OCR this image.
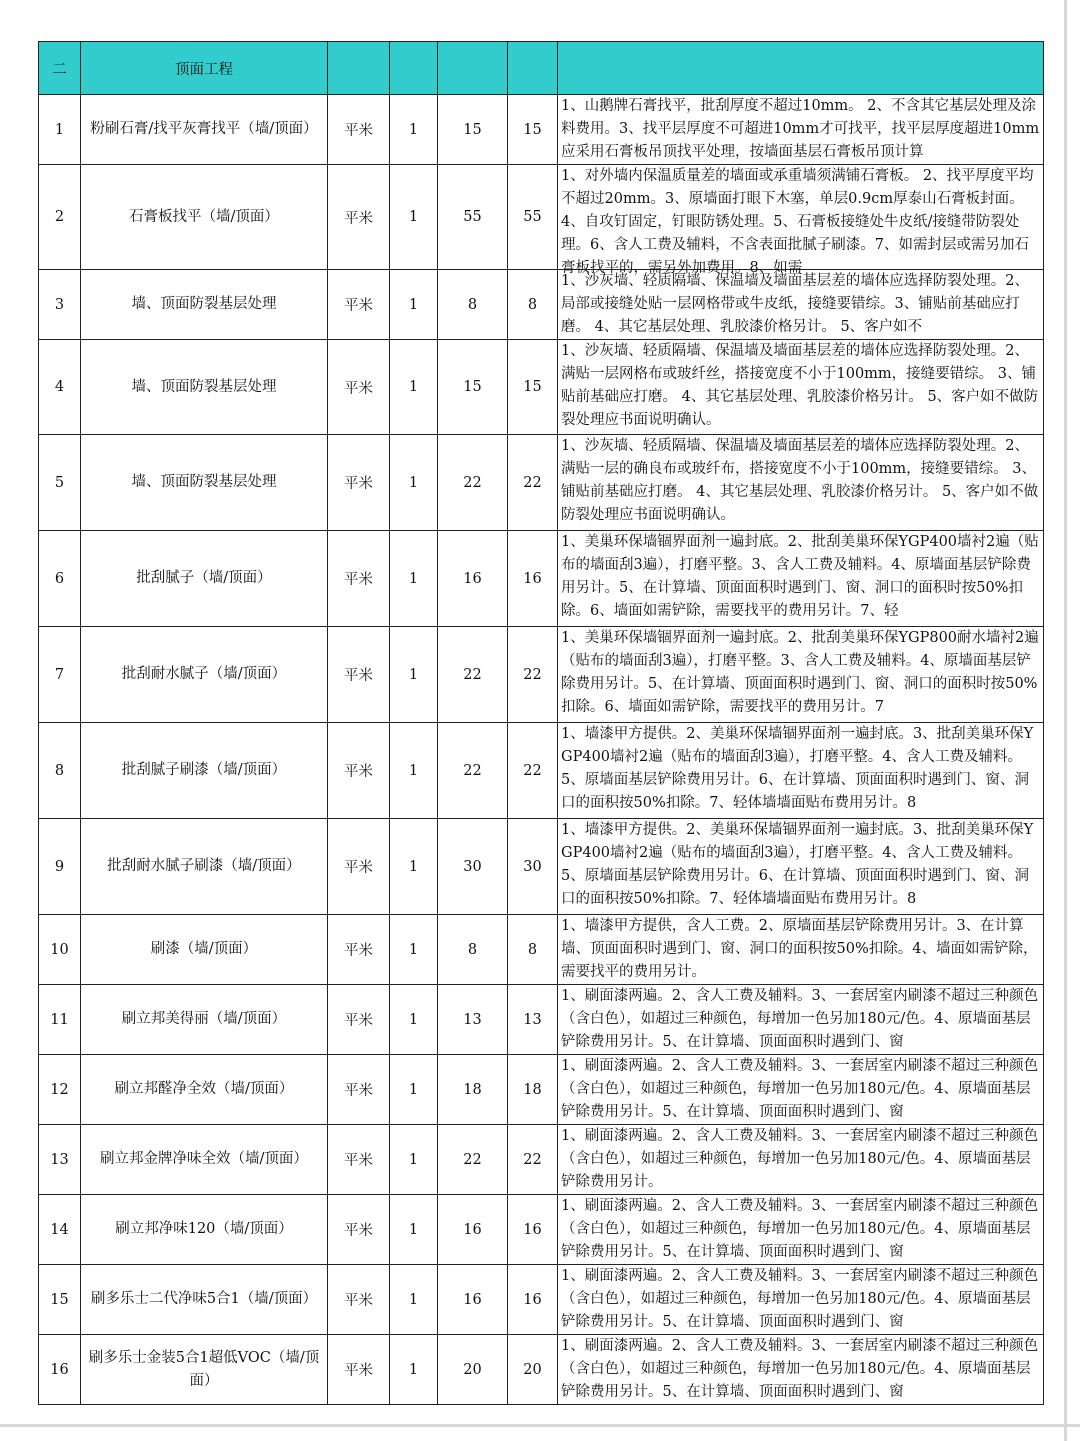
二	顶面工程					
1	粉刷石膏/找平灰膏找平（墙/顶面）	平米	1	15	15	1、山鹅牌石膏找平，批刮厚度不超过10mm。 2、不含其它基层处理及涂料费用。3、找平层厚度不可超进10mm才可找平，找平层厚度超进10mm应采用石膏板吊顶找平处理，按墙面基层石膏板吊顶计算

2	石膏板找平（墙/顶面）	平米	1	55	55	1、对外墙内保温质量差的墙面或承重墙须满铺石膏板。 2、找平厚度平均不超过20mm。3、原墙面打眼下木塞，单层0.9cm厚泰山石膏板封面。4、自攻钉固定，钉眼防锈处理。5、石膏板接缝处牛皮纸/接缝带防裂处理。6、含人工费及辅料，不含表面批腻子刷漆。7、如需封层或需另加石膏板找平的，需另外加费用。8、如需

3	墙、顶面防裂基层处理	平米	1	8	8	1、沙灰墙、轻质隔墙、保温墙及墙面基层差的墙体应选择防裂处理。2、局部或接缝处贴一层网格带或牛皮纸，接缝要错综。3、铺贴前基础应打磨。 4、其它基层处理、乳胶漆价格另计。 5、客户如不

4	墙、顶面防裂基层处理	平米	1	15	15	1、沙灰墙、轻质隔墙、保温墙及墙面基层差的墙体应选择防裂处理。2、满贴一层网格布或玻纤丝，搭接宽度不小于100mm，接缝要错综。 3、铺贴前基础应打磨。 4、其它基层处理、乳胶漆价格另计。 5、客户如不做防裂处理应书面说明确认。

5	墙、顶面防裂基层处理	平米	1	22	22	1、沙灰墙、轻质隔墙、保温墙及墙面基层差的墙体应选择防裂处理。2、满贴一层的确良布或玻纤布，搭接宽度不小于100mm，接缝要错综。 3、铺贴前基础应打磨。 4、其它基层处理、乳胶漆价格另计。 5、客户如不做防裂处理应书面说明确认。

6	批刮腻子（墙/顶面）	平米	1	16	16	1、美巢环保墙锢界面剂一遍封底。2、批刮美巢环保YGP400墙衬2遍（贴布的墙面刮3遍），打磨平整。3、含人工费及辅料。4、原墙面基层铲除费用另计。5、在计算墙、顶面面积时遇到门、窗、洞口的面积时按50%扣除。6、墙面如需铲除，需要找平的费用另计。7、轻

7	批刮耐水腻子（墙/顶面）	平米	1	22	22	1、美巢环保墙锢界面剂一遍封底。2、批刮美巢环保YGP800耐水墙衬2遍（贴布的墙面刮3遍），打磨平整。3、含人工费及辅料。4、原墙面基层铲除费用另计。5、在计算墙、顶面面积时遇到门、窗、洞口的面积时按50%扣除。6、墙面如需铲除，需要找平的费用另计。7

8	批刮腻子刷漆（墙/顶面）	平米	1	22	22	1、墙漆甲方提供。2、美巢环保墙锢界面剂一遍封底。3、批刮美巢环保YGP400墙衬2遍（贴布的墙面刮3遍），打磨平整。4、含人工费及辅料。5、原墙面基层铲除费用另计。6、在计算墙、顶面面积时遇到门、窗、洞口的面积按50%扣除。7、轻体墙墙面贴布费用另计。8

9	批刮耐水腻子刷漆（墙/顶面）	平米	1	30	30	1、墙漆甲方提供。2、美巢环保墙锢界面剂一遍封底。3、批刮美巢环保YGP400墙衬2遍（贴布的墙面刮3遍），打磨平整。4、含人工费及辅料。5、原墙面基层铲除费用另计。6、在计算墙、顶面面积时遇到门、窗、洞口的面积按50%扣除。7、轻体墙墙面贴布费用另计。8

10	刷漆（墙/顶面）	平米	1	8	8	1、墙漆甲方提供，含人工费。2、原墙面基层铲除费用另计。3、在计算墙、顶面面积时遇到门、窗、洞口的面积按50%扣除。4、墙面如需铲除，需要找平的费用另计。

11	刷立邦美得丽（墙/顶面）	平米	1	13	13	1、刷面漆两遍。2、含人工费及辅料。3、一套居室内刷漆不超过三种颜色（含白色），如超过三种颜色，每增加一色另加180元/色。4、原墙面基层铲除费用另计。5、在计算墙、顶面面积时遇到门、窗

12	刷立邦醛净全效（墙/顶面）	平米	1	18	18	1、刷面漆两遍。2、含人工费及辅料。3、一套居室内刷漆不超过三种颜色（含白色），如超过三种颜色，每增加一色另加180元/色。4、原墙面基层铲除费用另计。5、在计算墙、顶面面积时遇到门、窗

13	刷立邦金牌净味全效（墙/顶面）	平米	1	22	22	1、刷面漆两遍。2、含人工费及辅料。3、一套居室内刷漆不超过三种颜色（含白色），如超过三种颜色，每增加一色另加180元/色。4、原墙面基层铲除费用另计。

14	刷立邦净味120（墙/顶面）	平米	1	16	16	1、刷面漆两遍。2、含人工费及辅料。3、一套居室内刷漆不超过三种颜色（含白色），如超过三种颜色，每增加一色另加180元/色。4、原墙面基层铲除费用另计。5、在计算墙、顶面面积时遇到门、窗

15	刷多乐士二代净味5合1（墙/顶面）	平米	1	16	16	1、刷面漆两遍。2、含人工费及辅料。3、一套居室内刷漆不超过三种颜色（含白色），如超过三种颜色，每增加一色另加180元/色。4、原墙面基层铲除费用另计。5、在计算墙、顶面面积时遇到门、窗

16	刷多乐士金装5合1超低VOC（墙/顶面）	平米	1	20	20	1、刷面漆两遍。2、含人工费及辅料。3、一套居室内刷漆不超过三种颜色（含白色），如超过三种颜色，每增加一色另加180元/色。4、原墙面基层铲除费用另计。5、在计算墙、顶面面积时遇到门、窗
